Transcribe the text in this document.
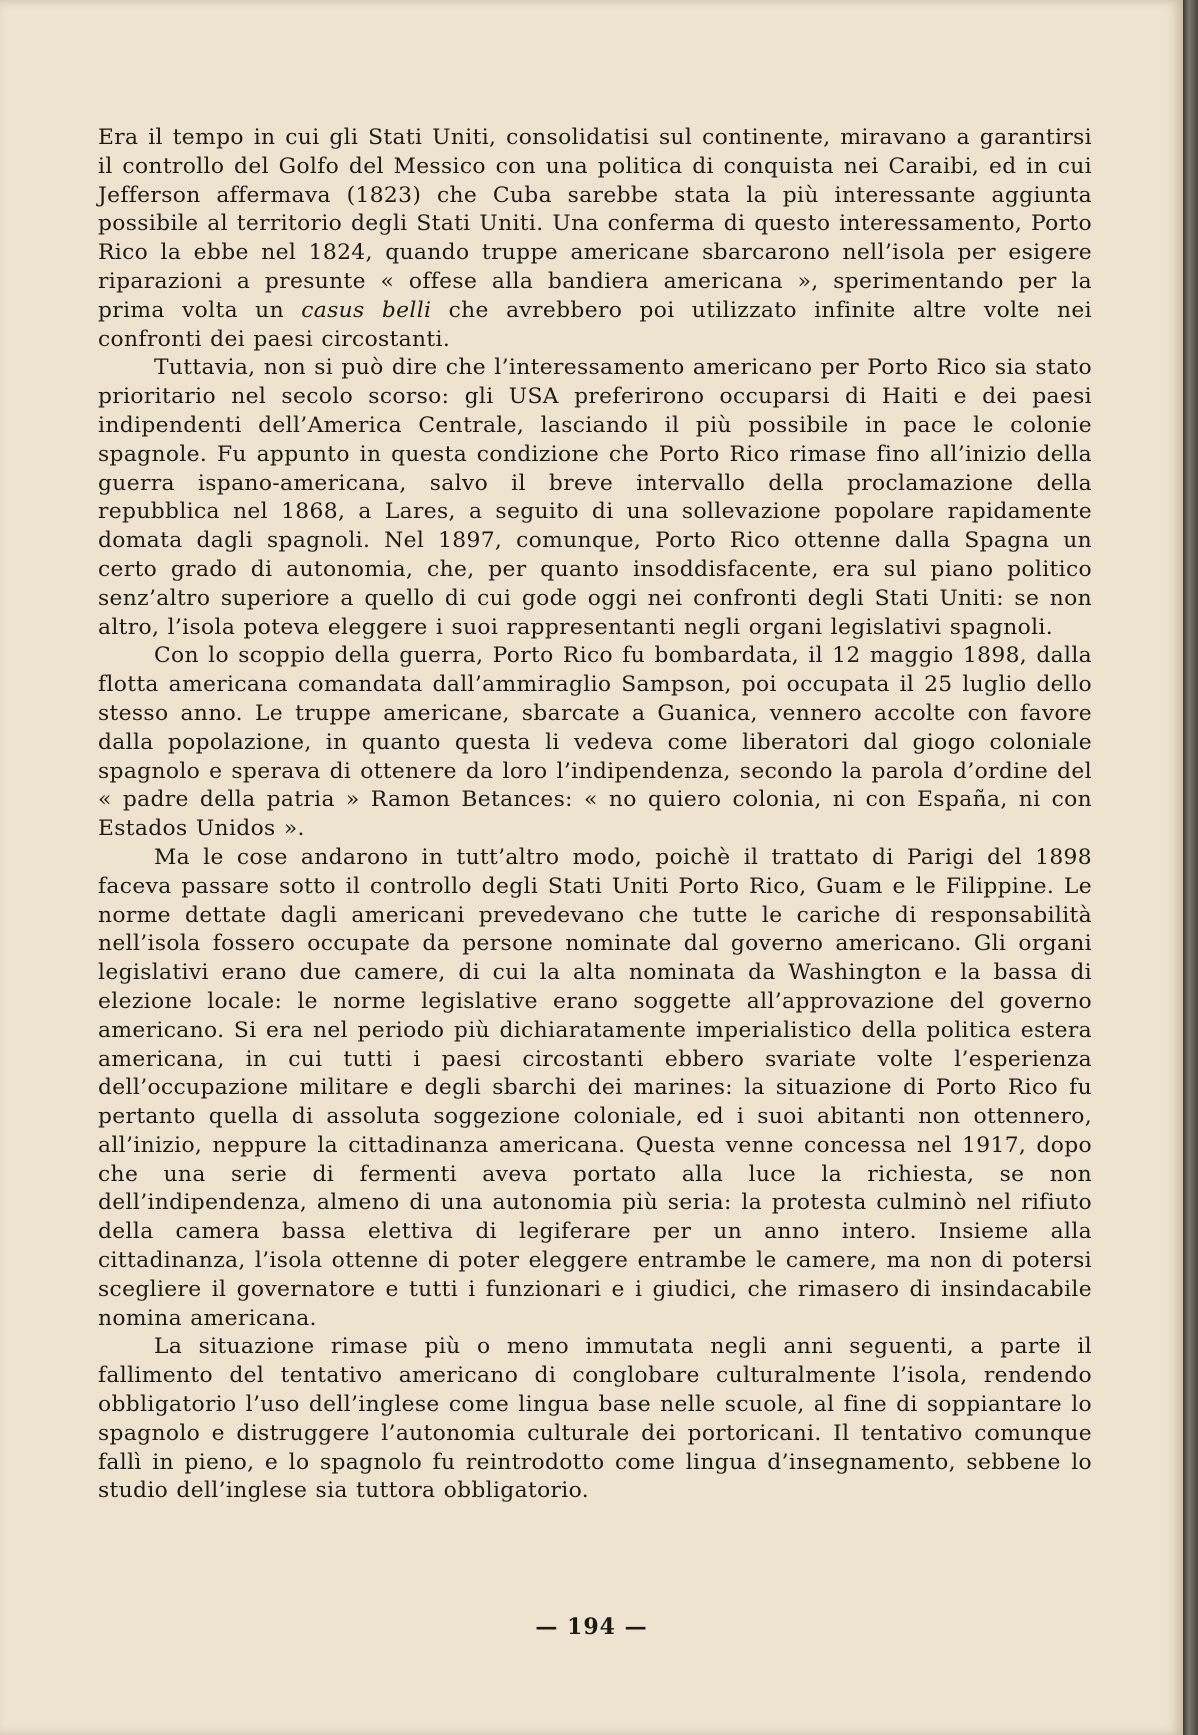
Era il tempo in cui gli Stati Uniti, consolidatisi sul continente, miravano a garantirsi il controllo del Golfo del Messico con una politica di conquista nei Caraibi, ed in cui Jefferson affermava (1823) che Cuba sarebbe stata la più interessante aggiunta possibile al territorio degli Stati Uniti. Una conferma di questo interessamento, Porto Rico la ebbe nel 1824, quando truppe americane sbarcarono nell’isola per esigere riparazioni a presunte « offese alla bandiera americana », sperimentando per la prima volta un casus belli che avrebbero poi utilizzato infinite altre volte nei confronti dei paesi circostanti.

Tuttavia, non si può dire che l’interessamento americano per Porto Rico sia stato prioritario nel secolo scorso: gli USA preferirono occuparsi di Haiti e dei paesi indipendenti dell’America Centrale, lasciando il più possibile in pace le colonie spagnole. Fu appunto in questa condizione che Porto Rico rimase fino all’inizio della guerra ispano-americana, salvo il breve intervallo della proclamazione della repubblica nel 1868, a Lares, a seguito di una sollevazione popolare rapidamente domata dagli spagnoli. Nel 1897, comunque, Porto Rico ottenne dalla Spagna un certo grado di autonomia, che, per quanto insoddisfacente, era sul piano politico senz’altro superiore a quello di cui gode oggi nei confronti degli Stati Uniti: se non altro, l’isola poteva eleggere i suoi rappresentanti negli organi legislativi spagnoli.

Con lo scoppio della guerra, Porto Rico fu bombardata, il 12 maggio 1898, dalla flotta americana comandata dall’ammiraglio Sampson, poi occupata il 25 luglio dello stesso anno. Le truppe americane, sbarcate a Guanica, vennero accolte con favore dalla popolazione, in quanto questa li vedeva come liberatori dal giogo coloniale spagnolo e sperava di ottenere da loro l’indipendenza, secondo la parola d’ordine del « padre della patria » Ramon Betances: « no quiero colonia, ni con España, ni con Estados Unidos ».

Ma le cose andarono in tutt’altro modo, poichè il trattato di Parigi del 1898 faceva passare sotto il controllo degli Stati Uniti Porto Rico, Guam e le Filippine. Le norme dettate dagli americani prevedevano che tutte le cariche di responsabilità nell’isola fossero occupate da persone nominate dal governo americano. Gli organi legislativi erano due camere, di cui la alta nominata da Washington e la bassa di elezione locale: le norme legislative erano soggette all’approvazione del governo americano. Si era nel periodo più dichiaratamente imperialistico della politica estera americana, in cui tutti i paesi circostanti ebbero svariate volte l’esperienza dell’occupazione militare e degli sbarchi dei marines: la situazione di Porto Rico fu pertanto quella di assoluta soggezione coloniale, ed i suoi abitanti non ottennero, all’inizio, neppure la cittadinanza americana. Questa venne concessa nel 1917, dopo che una serie di fermenti aveva portato alla luce la richiesta, se non dell’indipendenza, almeno di una autonomia più seria: la protesta culminò nel rifiuto della camera bassa elettiva di legiferare per un anno intero. Insieme alla cittadinanza, l’isola ottenne di poter eleggere entrambe le camere, ma non di potersi scegliere il governatore e tutti i funzionari e i giudici, che rimasero di insindacabile nomina americana.

La situazione rimase più o meno immutata negli anni seguenti, a parte il fallimento del tentativo americano di conglobare culturalmente l’isola, rendendo obbligatorio l’uso dell’inglese come lingua base nelle scuole, al fine di soppiantare lo spagnolo e distruggere l’autonomia culturale dei portoricani. Il tentativo comunque fallì in pieno, e lo spagnolo fu reintrodotto come lingua d’insegnamento, sebbene lo studio dell’inglese sia tuttora obbligatorio.

— 194 —
